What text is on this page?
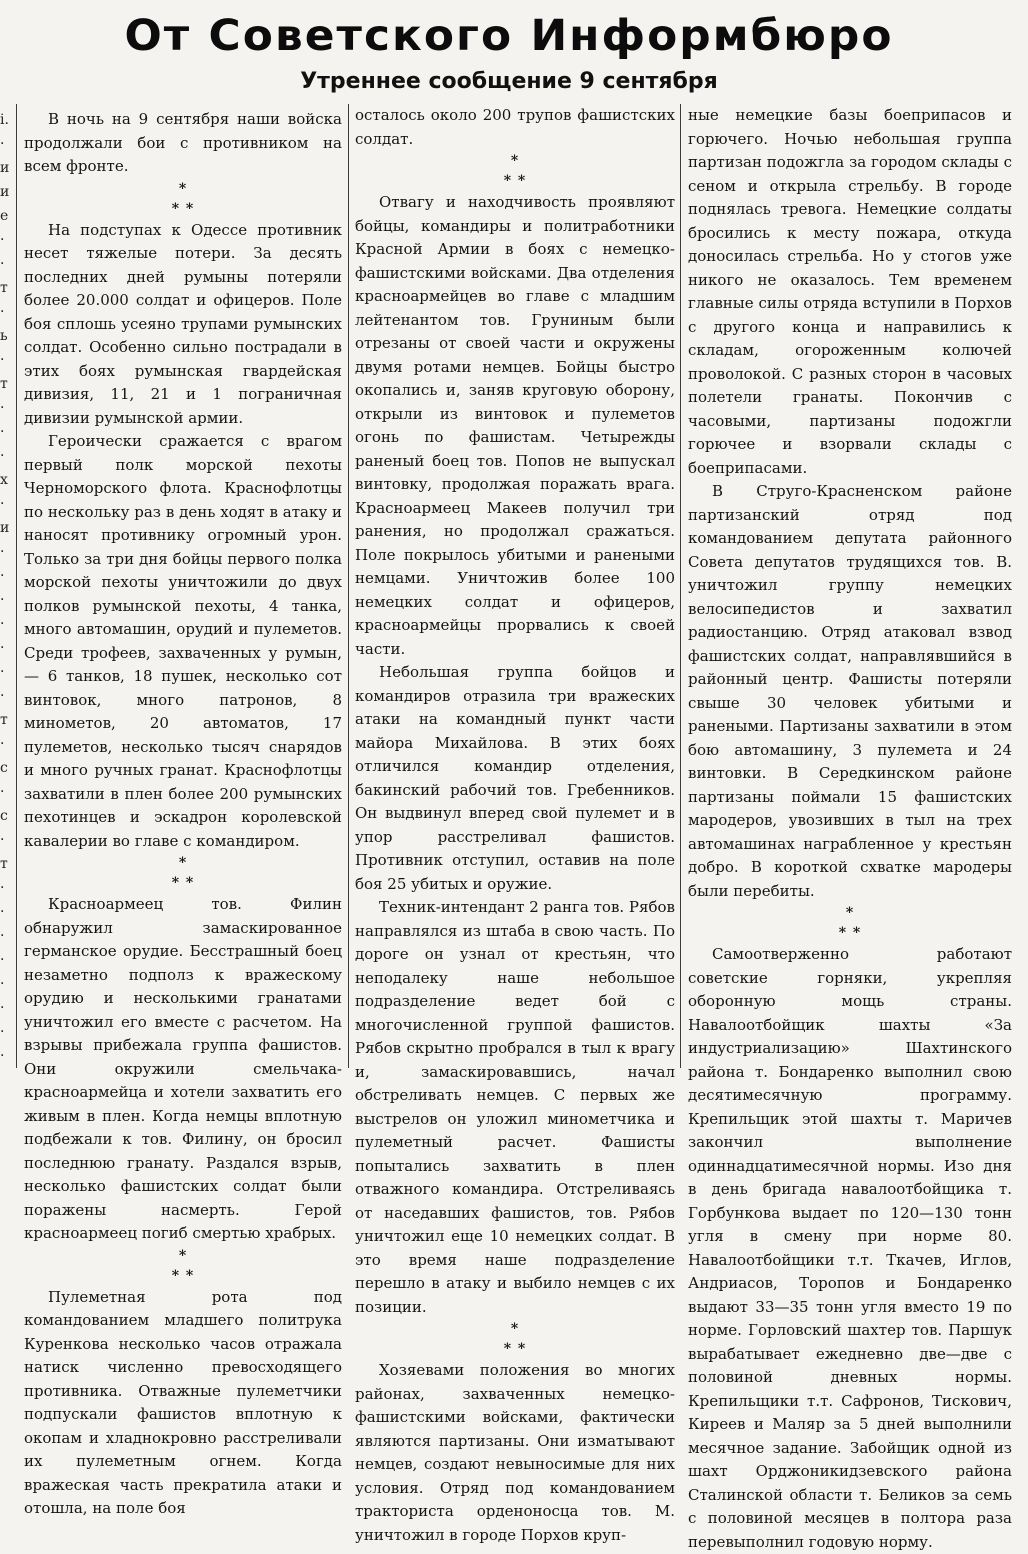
От Советского Информбюро
Утреннее сообщение 9 сентября
i.
·
и
и
е
·
·
т
·
ь
·
т
·
·
·
х
·
и
·
·
·
·
·
·
·
т
·
с
·
с
·
т
·
·
·
·
·
·
·
·

В ночь на 9 сентября наши войска продолжали бои с противником на всем фронте.

*
* *

На подступах к Одессе противник несет тяжелые потери. За десять последних дней румыны потеряли более 20.000 солдат и офицеров. Поле боя сплошь усеяно трупами румынских солдат. Особенно сильно пострадали в этих боях румынская гвардейская дивизия, 11, 21 и 1 пограничная дивизии румынской армии.

Героически сражается с врагом первый полк морской пехоты Черноморского флота. Краснофлотцы по нескольку раз в день ходят в атаку и наносят противнику огромный урон. Только за три дня бойцы первого полка морской пехоты уничтожили до двух полков румынской пехоты, 4 танка, много автомашин, орудий и пулеметов. Среди трофеев, захваченных у румын, — 6 танков, 18 пушек, несколько сот винтовок, много патронов, 8 минометов, 20 автоматов, 17 пулеметов, несколько тысяч снарядов и много ручных гранат. Краснофлотцы захватили в плен более 200 румынских пехотинцев и эскадрон королевской кавалерии во главе с командиром.

*
* *

Красноармеец тов. Филин обнаружил замаскированное германское орудие. Бесстрашный боец незаметно подполз к вражескому орудию и несколькими гранатами уничтожил его вместе с расчетом. На взрывы прибежала группа фашистов. Они окружили смельчака-красноармейца и хотели захватить его живым в плен. Когда немцы вплотную подбежали к тов. Филину, он бросил последнюю гранату. Раздался взрыв, несколько фашистских солдат были поражены насмерть. Герой красноармеец погиб смертью храбрых.

*
* *

Пулеметная рота под командованием младшего политрука Куренкова несколько часов отражала натиск численно превосходящего противника. Отважные пулеметчики подпускали фашистов вплотную к окопам и хладнокровно расстреливали их пулеметным огнем. Когда вражеская часть прекратила атаки и отошла, на поле боя

осталось около 200 трупов фашистских солдат.

*
* *

Отвагу и находчивость проявляют бойцы, командиры и политработники Красной Армии в боях с немецко-фашистскими войсками. Два отделения красноармейцев во главе с младшим лейтенантом тов. Груниным были отрезаны от своей части и окружены двумя ротами немцев. Бойцы быстро окопались и, заняв круговую оборону, открыли из винтовок и пулеметов огонь по фашистам. Четырежды раненый боец тов. Попов не выпускал винтовку, продолжая поражать врага. Красноармеец Макеев получил три ранения, но продолжал сражаться. Поле покрылось убитыми и ранеными немцами. Уничтожив более 100 немецких солдат и офицеров, красноармейцы прорвались к своей части.

Небольшая группа бойцов и командиров отразила три вражеских атаки на командный пункт части майора Михайлова. В этих боях отличился командир отделения, бакинский рабочий тов. Гребенников. Он выдвинул вперед свой пулемет и в упор расстреливал фашистов. Противник отступил, оставив на поле боя 25 убитых и оружие.

Техник-интендант 2 ранга тов. Рябов направлялся из штаба в свою часть. По дороге он узнал от крестьян, что неподалеку наше небольшое подразделение ведет бой с многочисленной группой фашистов. Рябов скрытно пробрался в тыл к врагу и, замаскировавшись, начал обстреливать немцев. С первых же выстрелов он уложил минометчика и пулеметный расчет. Фашисты попытались захватить в плен отважного командира. Отстреливаясь от наседавших фашистов, тов. Рябов уничтожил еще 10 немецких солдат. В это время наше подразделение перешло в атаку и выбило немцев с их позиции.

*
* *

Хозяевами положения во многих районах, захваченных немецко-фашистскими войсками, фактически являются партизаны. Они изматывают немцев, создают невыносимые для них условия. Отряд под командованием тракториста орденоносца тов. М. уничтожил в городе Порхов круп-

ные немецкие базы боеприпасов и горючего. Ночью небольшая группа партизан подожгла за городом склады с сеном и открыла стрельбу. В городе поднялась тревога. Немецкие солдаты бросились к месту пожара, откуда доносилась стрельба. Но у стогов уже никого не оказалось. Тем временем главные силы отряда вступили в Порхов с другого конца и направились к складам, огороженным колючей проволокой. С разных сторон в часовых полетели гранаты. Покончив с часовыми, партизаны подожгли горючее и взорвали склады с боеприпасами.

В Струго-Красненском районе партизанский отряд под командованием депутата районного Совета депутатов трудящихся тов. В. уничтожил группу немецких велосипедистов и захватил радиостанцию. Отряд атаковал взвод фашистских солдат, направлявшийся в районный центр. Фашисты потеряли свыше 30 человек убитыми и ранеными. Партизаны захватили в этом бою автомашину, 3 пулемета и 24 винтовки. В Середкинском районе партизаны поймали 15 фашистских мародеров, увозивших в тыл на трех автомашинах награбленное у крестьян добро. В короткой схватке мародеры были перебиты.

*
* *

Самоотверженно работают советские горняки, укрепляя оборонную мощь страны. Навалоотбойщик шахты «За индустриализацию» Шахтинского района т. Бондаренко выполнил свою десятимесячную программу. Крепильщик этой шахты т. Маричев закончил выполнение одиннадцатимесячной нормы. Изо дня в день бригада навалоотбойщика т. Горбункова выдает по 120—130 тонн угля в смену при норме 80. Навалоотбойщики т.т. Ткачев, Иглов, Андриасов, Торопов и Бондаренко выдают 33—35 тонн угля вместо 19 по норме. Горловский шахтер тов. Паршук вырабатывает ежедневно две—две с половиной дневных нормы. Крепильщики т.т. Сафронов, Тискович, Киреев и Маляр за 5 дней выполнили месячное задание. Забойщик одной из шахт Орджоникидзевского района Сталинской области т. Беликов за семь с половиной месяцев в полтора раза перевыполнил годовую норму.
